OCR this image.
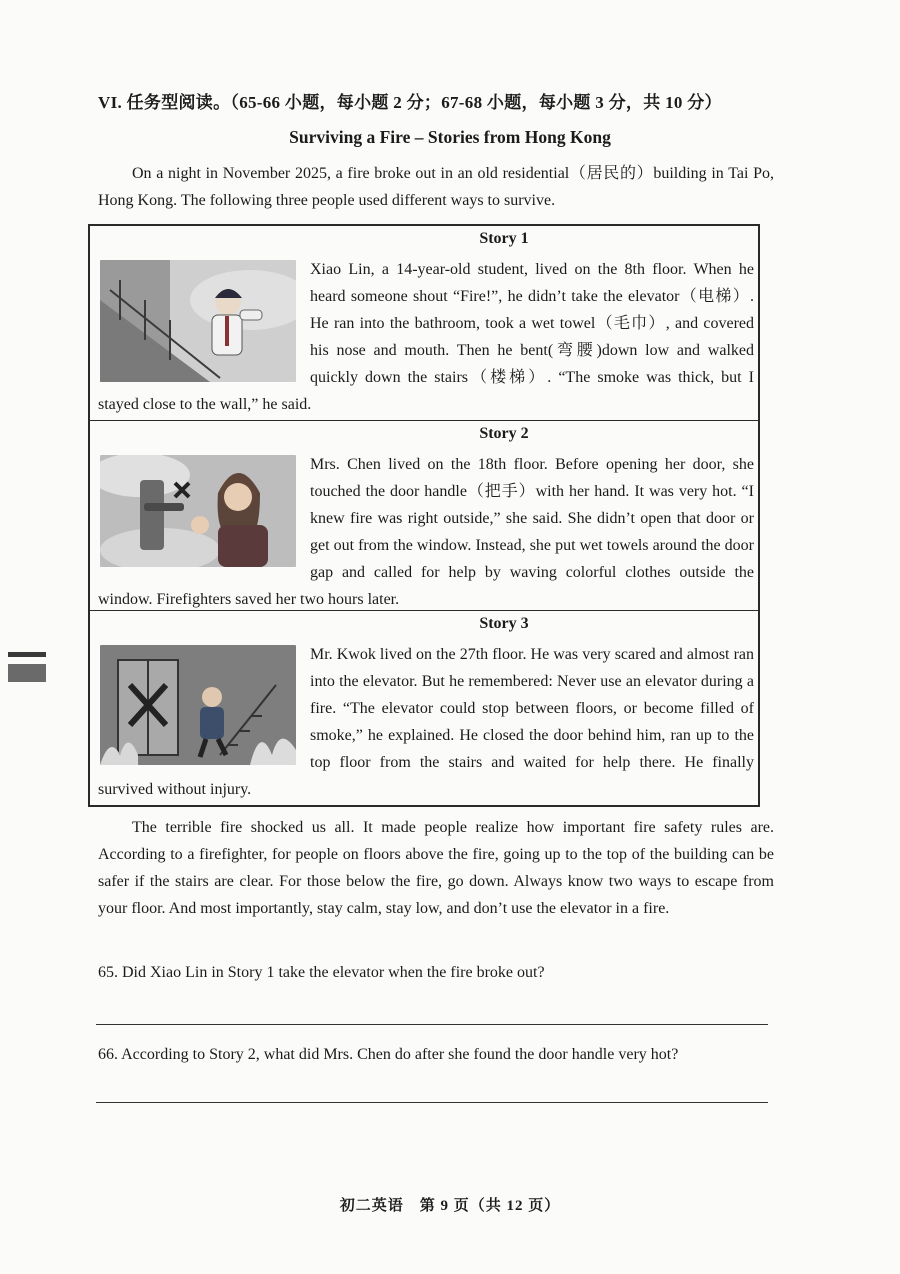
VI. 任务型阅读。（65-66 小题，每小题 2 分；67-68 小题，每小题 3 分，共 10 分）
Surviving a Fire – Stories from Hong Kong
On a night in November 2025, a fire broke out in an old residential（居民的）building in Tai Po, Hong Kong. The following three people used different ways to survive.
Story 1
Xiao Lin, a 14-year-old student, lived on the 8th floor. When he heard someone shout “Fire!”, he didn’t take the elevator（电梯）. He ran into the bathroom, took a wet towel（毛巾）, and covered his nose and mouth. Then he bent(弯腰)down low and walked quickly down the stairs（楼梯）. “The smoke was thick, but I stayed close to the wall,” he said.
Story 2
Mrs. Chen lived on the 18th floor. Before opening her door, she touched the door handle（把手）with her hand. It was very hot. “I knew fire was right outside,” she said. She didn’t open that door or get out from the window. Instead, she put wet towels around the door gap and called for help by waving colorful clothes outside the window. Firefighters saved her two hours later.
Story 3
Mr. Kwok lived on the 27th floor. He was very scared and almost ran into the elevator. But he remembered: Never use an elevator during a fire. “The elevator could stop between floors, or become filled of smoke,” he explained. He closed the door behind him, ran up to the top floor from the stairs and waited for help there. He finally survived without injury.
The terrible fire shocked us all. It made people realize how important fire safety rules are. According to a firefighter, for people on floors above the fire, going up to the top of the building can be safer if the stairs are clear. For those below the fire, go down. Always know two ways to escape from your floor. And most importantly, stay calm, stay low, and don’t use the elevator in a fire.
65. Did Xiao Lin in Story 1 take the elevator when the fire broke out?
66. According to Story 2, what did Mrs. Chen do after she found the door handle very hot?
初二英语　第 9 页（共 12 页）
